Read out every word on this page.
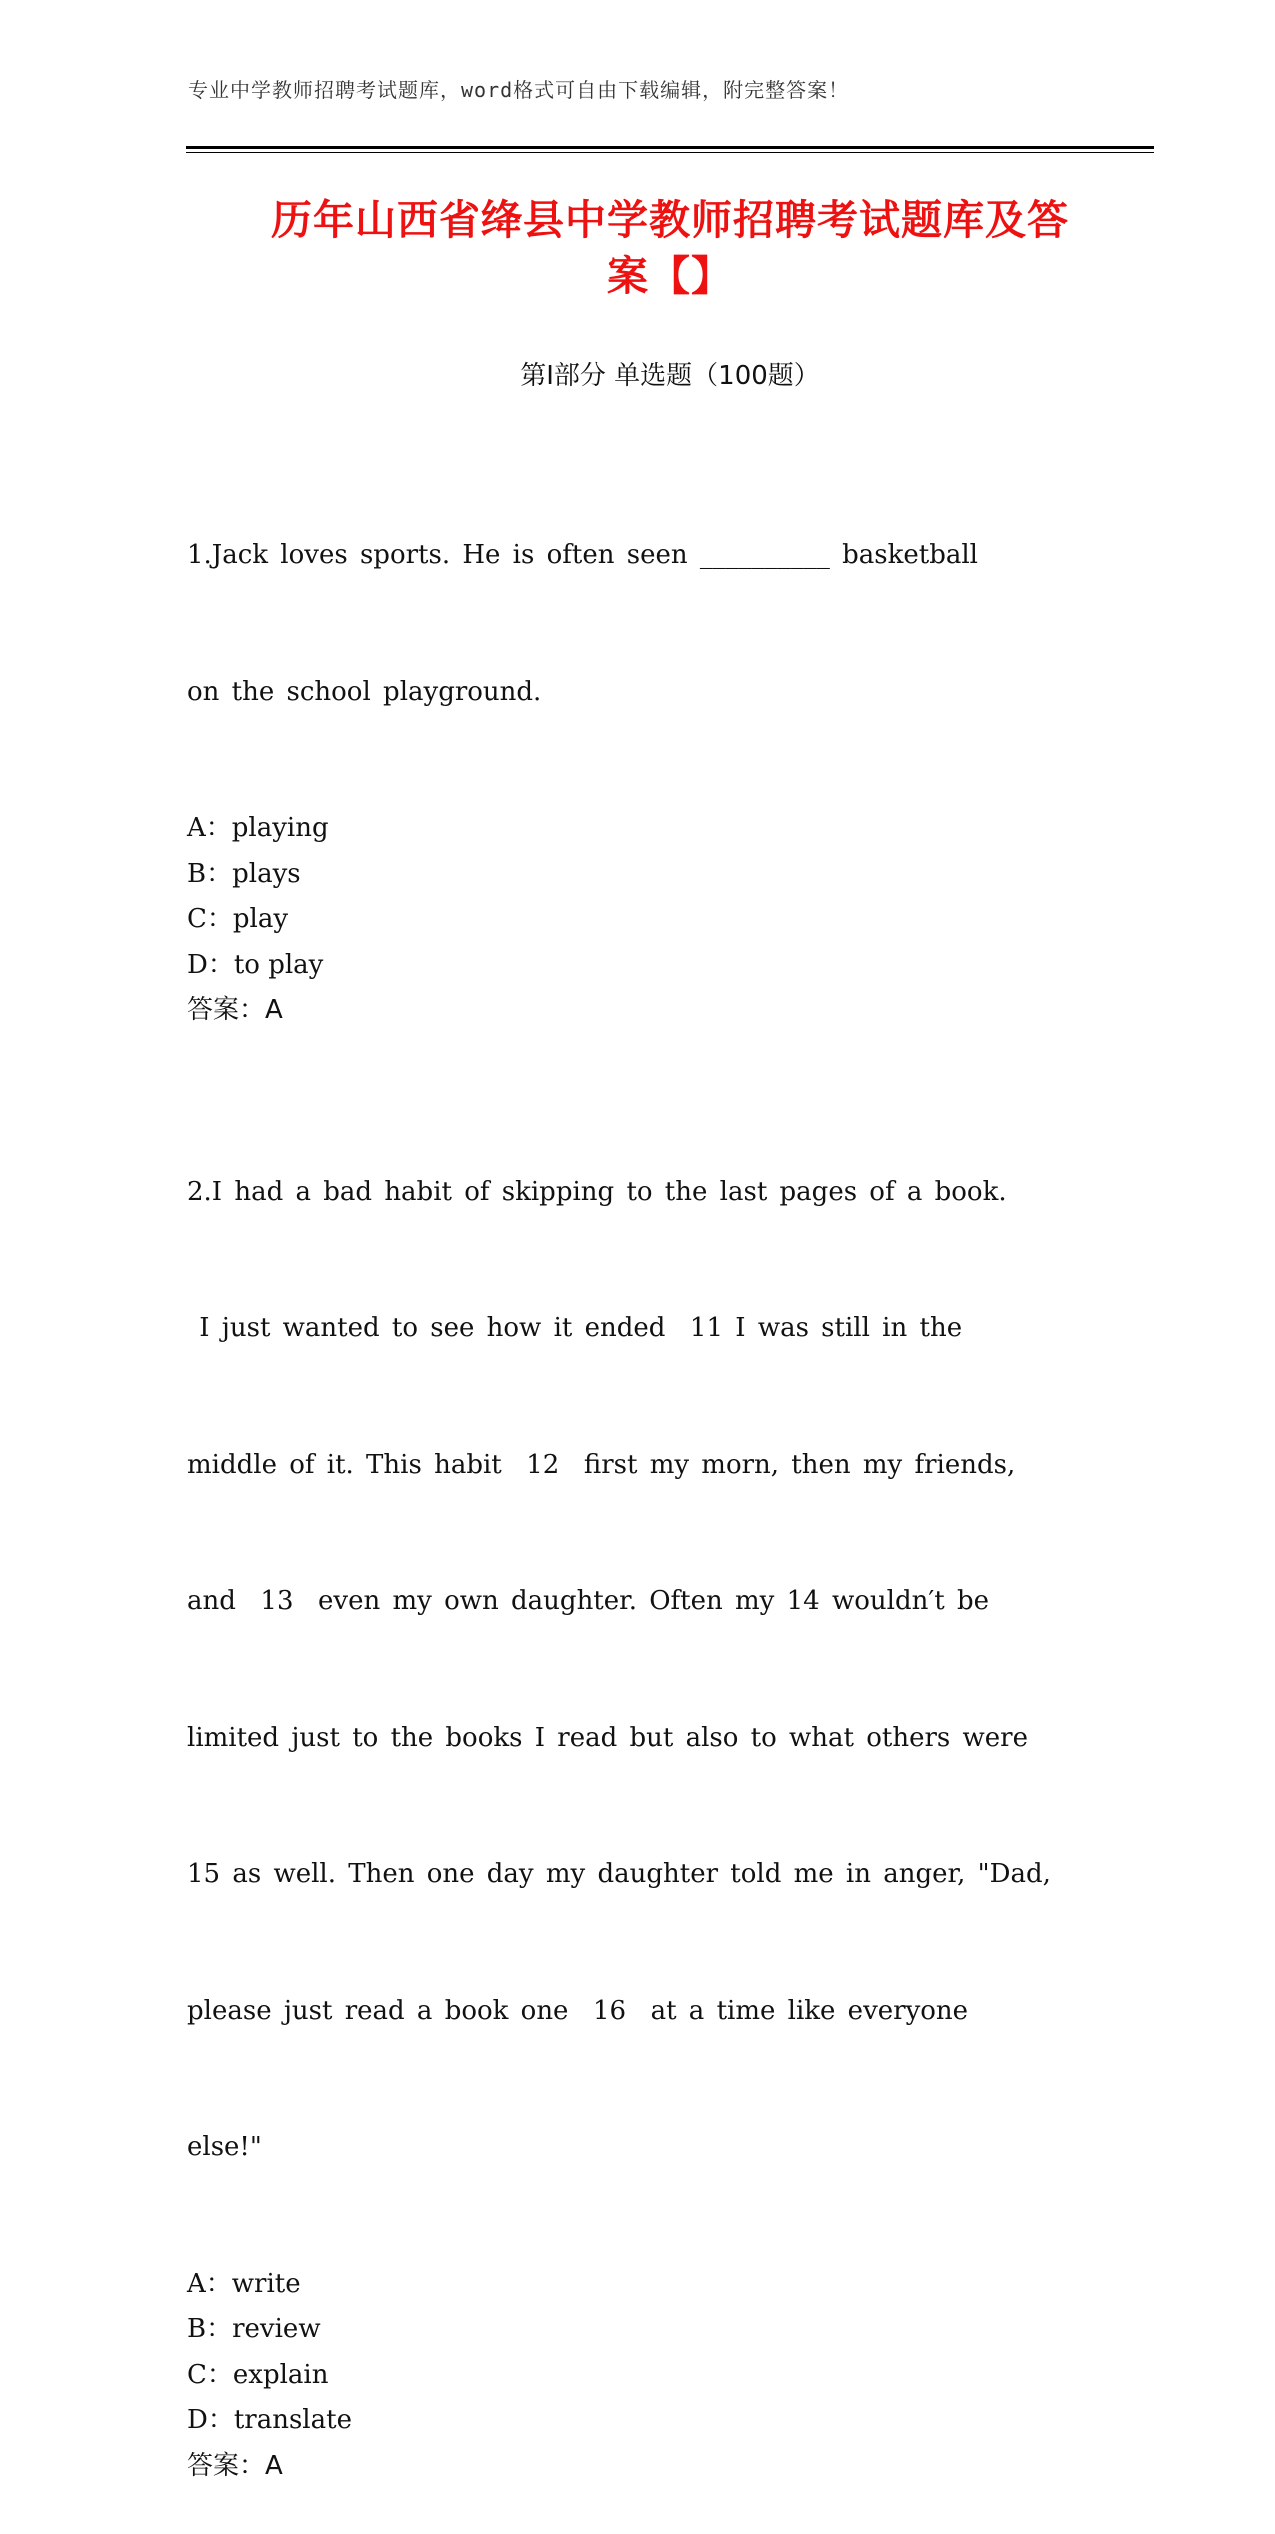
专业中学教师招聘考试题库，word格式可自由下载编辑，附完整答案！
历年山西省绛县中学教师招聘考试题库及答
案【】
第Ⅰ部分 单选题（100题）

1.Jack loves sports. He is often seen __________ basketball

on the school playground.

A：playing
B：plays
C：play
D：to play
答案：A

2.I had a bad habit of skipping to the last pages of a book.

I just wanted to see how it ended  11 I was still in the

middle of it. This habit  12  first my morn, then my friends,

and  13  even my own daughter. Often my 14 wouldn′t be

limited just to the books I read but also to what others were

15 as well. Then one day my daughter told me in anger, "Dad,

please just read a book one  16  at a time like everyone

else!"

A：write
B：review
C：explain
D：translate
答案：A
